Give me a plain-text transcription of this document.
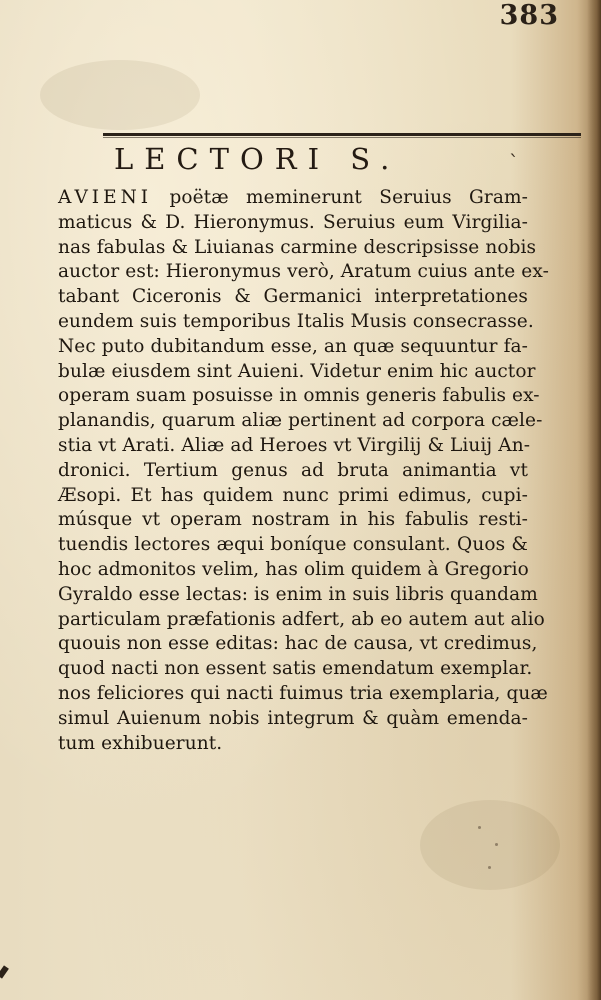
383
LECTORI S.	՝
AVIENI poëtæ meminerunt Seruius Gram-
maticus & D. Hieronymus. Seruius eum Virgilia-
nas fabulas & Liuianas carmine descripsisse nobis
auctor est: Hieronymus verò, Aratum cuius ante ex-
tabant Ciceronis & Germanici interpretationes
eundem suis temporibus Italis Musis consecrasse.
Nec puto dubitandum esse, an quæ sequuntur fa-
bulæ eiusdem sint Auieni. Videtur enim hic auctor
operam suam posuisse in omnis generis fabulis ex-
planandis, quarum aliæ pertinent ad corpora cæle-
stia vt Arati. Aliæ ad Heroes vt Virgilij & Liuij An-
dronici. Tertium genus ad bruta animantia vt
Æsopi. Et has quidem nunc primi edimus, cupi-
músque vt operam nostram in his fabulis resti-
tuendis lectores æqui boníque consulant. Quos &
hoc admonitos velim, has olim quidem à Gregorio
Gyraldo esse lectas: is enim in suis libris quandam
particulam præfationis adfert, ab eo autem aut alio
quouis non esse editas: hac de causa, vt credimus,
quod nacti non essent satis emendatum exemplar.
nos feliciores qui nacti fuimus tria exemplaria, quæ
simul Auienum nobis integrum & quàm emenda-
tum exhibuerunt.
